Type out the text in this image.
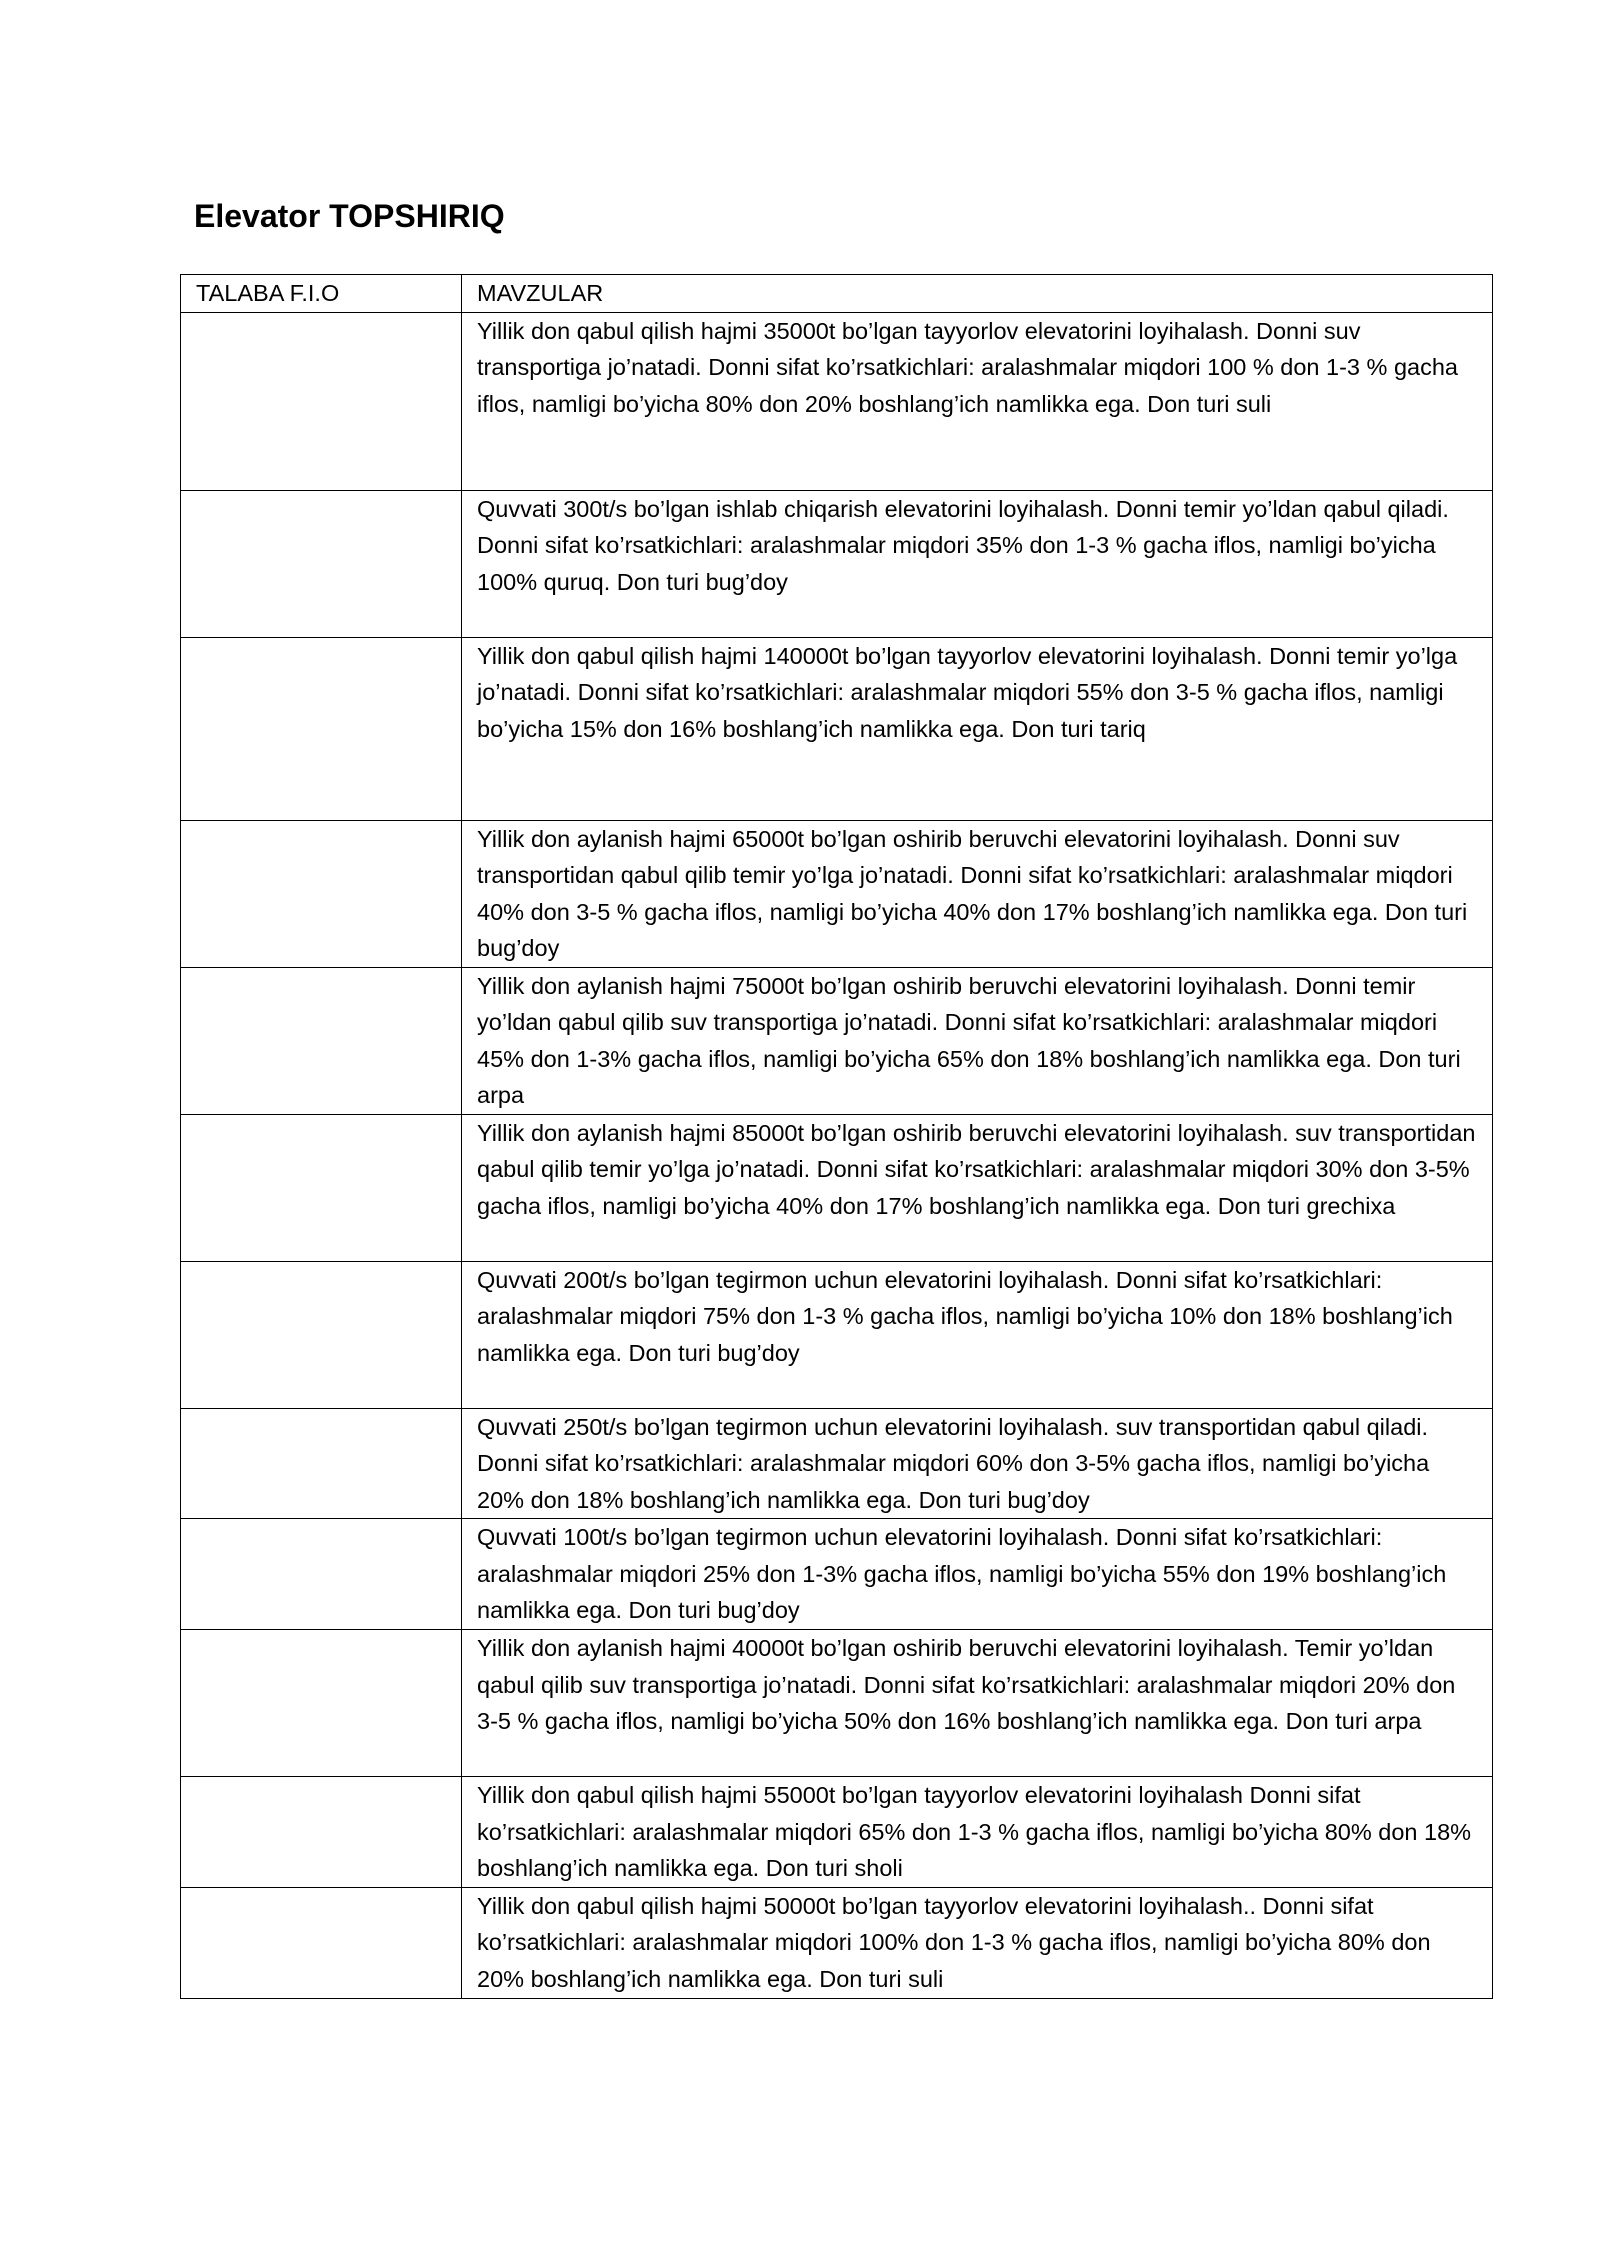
Elevator TOPSHIRIQ
TALABA F.I.O	MAVZULAR

	Yillik don qabul qilish hajmi 35000t bo’lgan tayyorlov elevatorini loyihalash. Donni suv transportiga jo’natadi. Donni sifat ko’rsatkichlari: aralashmalar miqdori 100 % don 1-3 % gacha iflos, namligi bo’yicha 80% don 20% boshlang’ich namlikka ega. Don turi suli

	Quvvati 300t/s bo’lgan ishlab chiqarish elevatorini loyihalash. Donni temir yo’ldan qabul qiladi. Donni sifat ko’rsatkichlari: aralashmalar miqdori 35% don 1-3 % gacha iflos, namligi bo’yicha 100% quruq. Don turi bug’doy

	Yillik don qabul qilish hajmi 140000t bo’lgan tayyorlov elevatorini loyihalash. Donni temir yo’lga jo’natadi. Donni sifat ko’rsatkichlari: aralashmalar miqdori 55% don 3-5 % gacha iflos, namligi bo’yicha 15% don 16% boshlang’ich namlikka ega. Don turi tariq

	Yillik don aylanish hajmi 65000t bo’lgan oshirib beruvchi elevatorini loyihalash. Donni suv transportidan qabul qilib temir yo’lga jo’natadi. Donni sifat ko’rsatkichlari: aralashmalar miqdori 40% don 3-5 % gacha iflos, namligi bo’yicha 40% don 17% boshlang’ich namlikka ega. Don turi bug’doy

	Yillik don aylanish hajmi 75000t bo’lgan oshirib beruvchi elevatorini loyihalash. Donni temir yo’ldan qabul qilib suv transportiga jo’natadi. Donni sifat ko’rsatkichlari: aralashmalar miqdori 45% don 1-3% gacha iflos, namligi bo’yicha 65% don 18% boshlang’ich namlikka ega. Don turi arpa

	Yillik don aylanish hajmi 85000t bo’lgan oshirib beruvchi elevatorini loyihalash. suv transportidan qabul qilib temir yo’lga jo’natadi. Donni sifat ko’rsatkichlari: aralashmalar miqdori 30% don 3-5% gacha iflos, namligi bo’yicha 40% don 17% boshlang’ich namlikka ega. Don turi grechixa

	Quvvati 200t/s bo’lgan tegirmon uchun elevatorini loyihalash. Donni sifat ko’rsatkichlari: aralashmalar miqdori 75% don 1-3 % gacha iflos, namligi bo’yicha 10% don 18% boshlang’ich namlikka ega. Don turi bug’doy

	Quvvati 250t/s bo’lgan tegirmon uchun elevatorini loyihalash. suv transportidan qabul qiladi. Donni sifat ko’rsatkichlari: aralashmalar miqdori 60% don 3-5% gacha iflos, namligi bo’yicha 20% don 18% boshlang’ich namlikka ega. Don turi bug’doy

	Quvvati 100t/s bo’lgan tegirmon uchun elevatorini loyihalash. Donni sifat ko’rsatkichlari: aralashmalar miqdori 25% don 1-3% gacha iflos, namligi bo’yicha 55% don 19% boshlang’ich namlikka ega. Don turi bug’doy

	Yillik don aylanish hajmi 40000t bo’lgan oshirib beruvchi elevatorini loyihalash. Temir yo’ldan qabul qilib suv transportiga jo’natadi. Donni sifat ko’rsatkichlari: aralashmalar miqdori 20% don 3-5 % gacha iflos, namligi bo’yicha 50% don 16% boshlang’ich namlikka ega. Don turi arpa

	Yillik don qabul qilish hajmi 55000t bo’lgan tayyorlov elevatorini loyihalash Donni sifat ko’rsatkichlari: aralashmalar miqdori 65% don 1-3 % gacha iflos, namligi bo’yicha 80% don 18% boshlang’ich namlikka ega. Don turi sholi

	Yillik don qabul qilish hajmi 50000t bo’lgan tayyorlov elevatorini loyihalash.. Donni sifat ko’rsatkichlari: aralashmalar miqdori 100% don 1-3 % gacha iflos, namligi bo’yicha 80% don 20% boshlang’ich namlikka ega. Don turi suli
